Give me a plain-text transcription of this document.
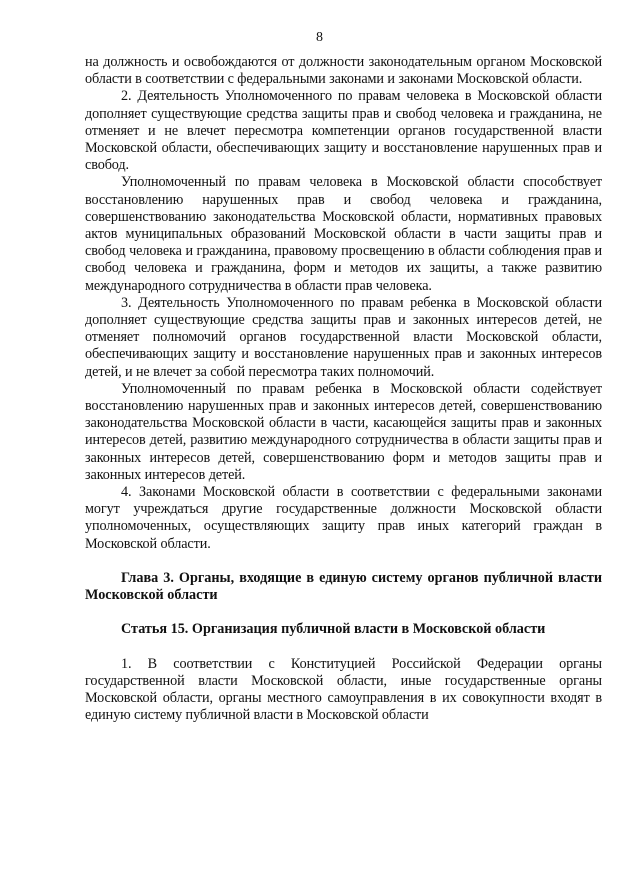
8

на должность и освобождаются от должности законодательным органом Московской области в соответствии с федеральными законами и законами Московской области.

2. Деятельность Уполномоченного по правам человека в Московской области дополняет существующие средства защиты прав и свобод человека и гражданина, не отменяет и не влечет пересмотра компетенции органов государственной власти Московской области, обеспечивающих защиту и восстановление нарушенных прав и свобод.

Уполномоченный по правам человека в Московской области способствует восстановлению нарушенных прав и свобод человека и гражданина, совершенствованию законодательства Московской области, нормативных правовых актов муниципальных образований Московской области в части защиты прав и свобод человека и гражданина, правовому просвещению в области соблюдения прав и свобод человека и гражданина, форм и методов их защиты, а также развитию международного сотрудничества в области прав человека.

3. Деятельность Уполномоченного по правам ребенка в Московской области дополняет существующие средства защиты прав и законных интересов детей, не отменяет полномочий органов государственной власти Московской области, обеспечивающих защиту и восстановление нарушенных прав и законных интересов детей, и не влечет за собой пересмотра таких полномочий.

Уполномоченный по правам ребенка в Московской области содействует восстановлению нарушенных прав и законных интересов детей, совершенствованию законодательства Московской области в части, касающейся защиты прав и законных интересов детей, развитию международного сотрудничества в области защиты прав и законных интересов детей, совершенствованию форм и методов защиты прав и законных интересов детей.

4. Законами Московской области в соответствии с федеральными законами могут учреждаться другие государственные должности Московской области уполномоченных, осуществляющих защиту прав иных категорий граждан в Московской области.

Глава 3. Органы, входящие в единую систему органов публичной власти Московской области

Статья 15. Организация публичной власти в Московской области

1. В соответствии с Конституцией Российской Федерации органы государственной власти Московской области, иные государственные органы Московской области, органы местного самоуправления в их совокупности входят в единую систему публичной власти в Московской области
